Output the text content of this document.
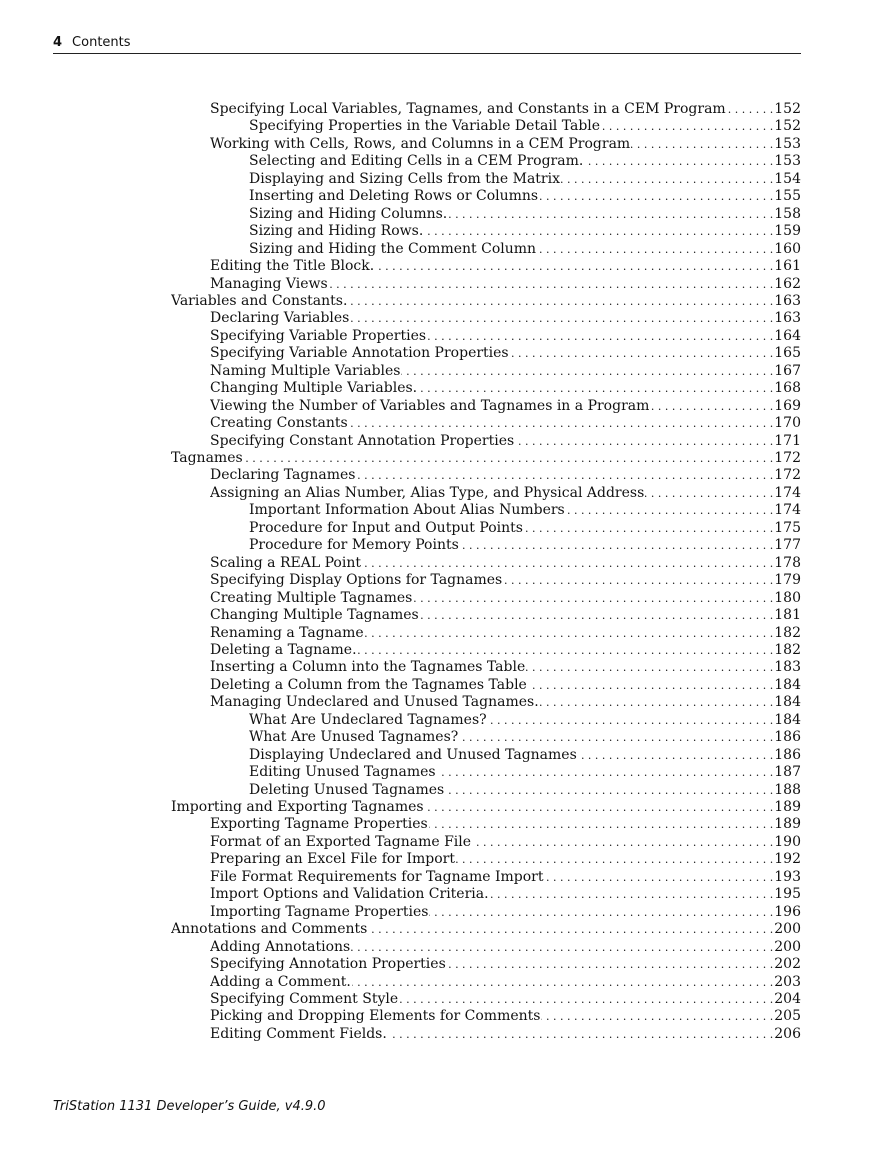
4 Contents
Specifying Local Variables, Tagnames, and Constants in a CEM Program . . .	152
Specifying Properties in the Variable Detail Table . . .	152
Working with Cells, Rows, and Columns in a CEM Program . . .	153
Selecting and Editing Cells in a CEM Program. . . .	153
Displaying and Sizing Cells from the Matrix . . .	154
Inserting and Deleting Rows or Columns . . .	155
Sizing and Hiding Columns. . . .	158
Sizing and Hiding Rows. . . .	159
Sizing and Hiding the Comment Column . . .	160
Editing the Title Block. . . .	161
Managing Views . . .	162
Variables and Constants. . . .	163
Declaring Variables . . .	163
Specifying Variable Properties . . .	164
Specifying Variable Annotation Properties . . .	165
Naming Multiple Variables . . .	167
Changing Multiple Variables. . . .	168
Viewing the Number of Variables and Tagnames in a Program . . .	169
Creating Constants . . .	170
Specifying Constant Annotation Properties . . .	171
Tagnames . . .	172
Declaring Tagnames . . .	172
Assigning an Alias Number, Alias Type, and Physical Address . . .	174
Important Information About Alias Numbers . . .	174
Procedure for Input and Output Points . . .	175
Procedure for Memory Points . . .	177
Scaling a REAL Point . . .	178
Specifying Display Options for Tagnames . . .	179
Creating Multiple Tagnames . . .	180
Changing Multiple Tagnames . . .	181
Renaming a Tagname . . .	182
Deleting a Tagname. . . .	182
Inserting a Column into the Tagnames Table . . .	183
Deleting a Column from the Tagnames Table . . .	184
Managing Undeclared and Unused Tagnames. . . .	184
What Are Undeclared Tagnames? . . .	184
What Are Unused Tagnames? . . .	186
Displaying Undeclared and Unused Tagnames . . .	186
Editing Unused Tagnames . . .	187
Deleting Unused Tagnames . . .	188
Importing and Exporting Tagnames . . .	189
Exporting Tagname Properties . . .	189
Format of an Exported Tagname File . . .	190
Preparing an Excel File for Import . . .	192
File Format Requirements for Tagname Import . . .	193
Import Options and Validation Criteria. . . .	195
Importing Tagname Properties . . .	196
Annotations and Comments . . .	200
Adding Annotations . . .	200
Specifying Annotation Properties . . .	202
Adding a Comment. . . .	203
Specifying Comment Style . . .	204
Picking and Dropping Elements for Comments . . .	205
Editing Comment Fields. . . .	206
TriStation 1131 Developer’s Guide, v4.9.0
